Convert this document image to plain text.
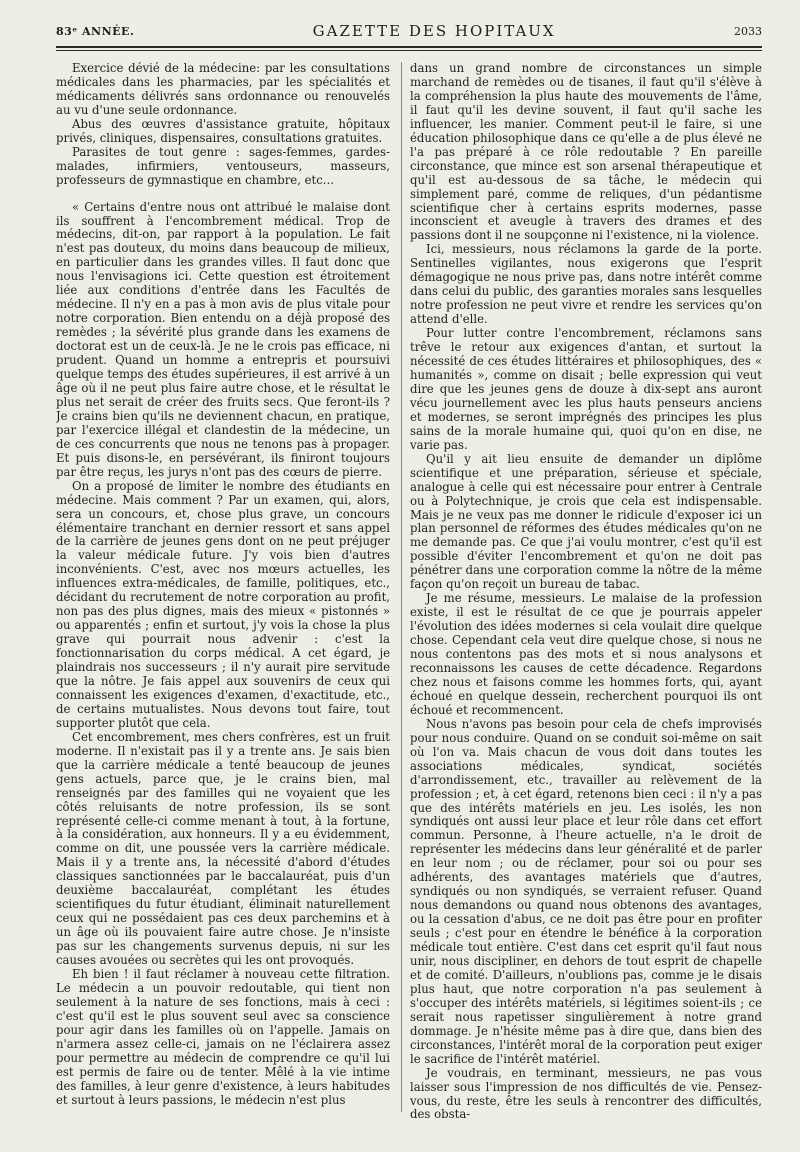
83ᵉ ANNÉE.	GAZETTE DES HOPITAUX	2033

Exercice dévié de la médecine: par les consultations médicales dans les pharmacies, par les spécialités et médicaments délivrés sans ordonnance ou renouvelés au vu d'une seule ordonnance.

Abus des œuvres d'assistance gratuite, hôpitaux privés, cliniques, dispensaires, consultations gratuites.

Parasites de tout genre : sages-femmes, gardes-malades, infirmiers, ventouseurs, masseurs, professeurs de gymnastique en chambre, etc...

« Certains d'entre nous ont attribué le malaise dont ils souffrent à l'encombrement médical. Trop de médecins, dit-on, par rapport à la population. Le fait n'est pas douteux, du moins dans beaucoup de milieux, en particulier dans les grandes villes. Il faut donc que nous l'envisagions ici. Cette question est étroitement liée aux conditions d'entrée dans les Facultés de médecine. Il n'y en a pas à mon avis de plus vitale pour notre corporation. Bien entendu on a déjà proposé des remèdes ; la sévérité plus grande dans les examens de doctorat est un de ceux-là. Je ne le crois pas efficace, ni prudent. Quand un homme a entrepris et poursuivi quelque temps des études supérieures, il est arrivé à un âge où il ne peut plus faire autre chose, et le résultat le plus net serait de créer des fruits secs. Que feront-ils ? Je crains bien qu'ils ne deviennent chacun, en pratique, par l'exercice illégal et clandestin de la médecine, un de ces concurrents que nous ne tenons pas à propager. Et puis disons-le, en persévérant, ils finiront toujours par être reçus, les jurys n'ont pas des cœurs de pierre.

On a proposé de limiter le nombre des étudiants en médecine. Mais comment ? Par un examen, qui, alors, sera un concours, et, chose plus grave, un concours élémentaire tranchant en dernier ressort et sans appel de la carrière de jeunes gens dont on ne peut préjuger la valeur médicale future. J'y vois bien d'autres inconvénients. C'est, avec nos mœurs actuelles, les influences extra-médicales, de famille, politiques, etc., décidant du recrutement de notre corporation au profit, non pas des plus dignes, mais des mieux « pistonnés » ou apparentés ; enfin et surtout, j'y vois la chose la plus grave qui pourrait nous advenir : c'est la fonctionnarisation du corps médical. A cet égard, je plaindrais nos successeurs ; il n'y aurait pire servitude que la nôtre. Je fais appel aux souvenirs de ceux qui connaissent les exigences d'examen, d'exactitude, etc., de certains mutualistes. Nous devons tout faire, tout supporter plutôt que cela.

Cet encombrement, mes chers confrères, est un fruit moderne. Il n'existait pas il y a trente ans. Je sais bien que la carrière médicale a tenté beaucoup de jeunes gens actuels, parce que, je le crains bien, mal renseignés par des familles qui ne voyaient que les côtés reluisants de notre profession, ils se sont représenté celle-ci comme menant à tout, à la fortune, à la considération, aux honneurs. Il y a eu évidemment, comme on dit, une poussée vers la carrière médicale. Mais il y a trente ans, la nécessité d'abord d'études classiques sanctionnées par le baccalauréat, puis d'un deuxième baccalauréat, complétant les études scientifiques du futur étudiant, éliminait naturellement ceux qui ne possédaient pas ces deux parchemins et à un âge où ils pouvaient faire autre chose. Je n'insiste pas sur les changements survenus depuis, ni sur les causes avouées ou secrètes qui les ont provoqués.

Eh bien ! il faut réclamer à nouveau cette filtration. Le médecin a un pouvoir redoutable, qui tient non seulement à la nature de ses fonctions, mais à ceci : c'est qu'il est le plus souvent seul avec sa conscience pour agir dans les familles où on l'appelle. Jamais on n'armera assez celle-ci, jamais on ne l'éclairera assez pour permettre au médecin de comprendre ce qu'il lui est permis de faire ou de tenter. Mêlé à la vie intime des familles, à leur genre d'existence, à leurs habitudes et surtout à leurs passions, le médecin n'est plus

dans un grand nombre de circonstances un simple marchand de remèdes ou de tisanes, il faut qu'il s'élève à la compréhension la plus haute des mouvements de l'âme, il faut qu'il les devine souvent, il faut qu'il sache les influencer, les manier. Comment peut-il le faire, si une éducation philosophique dans ce qu'elle a de plus élevé ne l'a pas préparé à ce rôle redoutable ? En pareille circonstance, que mince est son arsenal thérapeutique et qu'il est au-dessous de sa tâche, le médecin qui simplement paré, comme de reliques, d'un pédantisme scientifique cher à certains esprits modernes, passe inconscient et aveugle à travers des drames et des passions dont il ne soupçonne ni l'existence, ni la violence.

Ici, messieurs, nous réclamons la garde de la porte. Sentinelles vigilantes, nous exigerons que l'esprit démagogique ne nous prive pas, dans notre intérêt comme dans celui du public, des garanties morales sans lesquelles notre profession ne peut vivre et rendre les services qu'on attend d'elle.

Pour lutter contre l'encombrement, réclamons sans trêve le retour aux exigences d'antan, et surtout la nécessité de ces études littéraires et philosophiques, des « humanités », comme on disait ; belle expression qui veut dire que les jeunes gens de douze à dix-sept ans auront vécu journellement avec les plus hauts penseurs anciens et modernes, se seront imprégnés des principes les plus sains de la morale humaine qui, quoi qu'on en dise, ne varie pas.

Qu'il y ait lieu ensuite de demander un diplôme scientifique et une préparation, sérieuse et spéciale, analogue à celle qui est nécessaire pour entrer à Centrale ou à Polytechnique, je crois que cela est indispensable. Mais je ne veux pas me donner le ridicule d'exposer ici un plan personnel de réformes des études médicales qu'on ne me demande pas. Ce que j'ai voulu montrer, c'est qu'il est possible d'éviter l'encombrement et qu'on ne doit pas pénétrer dans une corporation comme la nôtre de la même façon qu'on reçoit un bureau de tabac.

Je me résume, messieurs. Le malaise de la profession existe, il est le résultat de ce que je pourrais appeler l'évolution des idées modernes si cela voulait dire quelque chose. Cependant cela veut dire quelque chose, si nous ne nous contentons pas des mots et si nous analysons et reconnaissons les causes de cette décadence. Regardons chez nous et faisons comme les hommes forts, qui, ayant échoué en quelque dessein, recherchent pourquoi ils ont échoué et recommencent.

Nous n'avons pas besoin pour cela de chefs improvisés pour nous conduire. Quand on se conduit soi-même on sait où l'on va. Mais chacun de vous doit dans toutes les associations médicales, syndicat, sociétés d'arrondissement, etc., travailler au relèvement de la profession ; et, à cet égard, retenons bien ceci : il n'y a pas que des intérêts matériels en jeu. Les isolés, les non syndiqués ont aussi leur place et leur rôle dans cet effort commun. Personne, à l'heure actuelle, n'a le droit de représenter les médecins dans leur généralité et de parler en leur nom ; ou de réclamer, pour soi ou pour ses adhérents, des avantages matériels que d'autres, syndiqués ou non syndiqués, se verraient refuser. Quand nous demandons ou quand nous obtenons des avantages, ou la cessation d'abus, ce ne doit pas être pour en profiter seuls ; c'est pour en étendre le bénéfice à la corporation médicale tout entière. C'est dans cet esprit qu'il faut nous unir, nous discipliner, en dehors de tout esprit de chapelle et de comité. D'ailleurs, n'oublions pas, comme je le disais plus haut, que notre corporation n'a pas seulement à s'occuper des intérêts matériels, si légitimes soient-ils ; ce serait nous rapetisser singulièrement à notre grand dommage. Je n'hésite même pas à dire que, dans bien des circonstances, l'intérêt moral de la corporation peut exiger le sacrifice de l'intérêt matériel.

Je voudrais, en terminant, messieurs, ne pas vous laisser sous l'impression de nos difficultés de vie. Pensez-vous, du reste, être les seuls à rencontrer des difficultés, des obsta-
